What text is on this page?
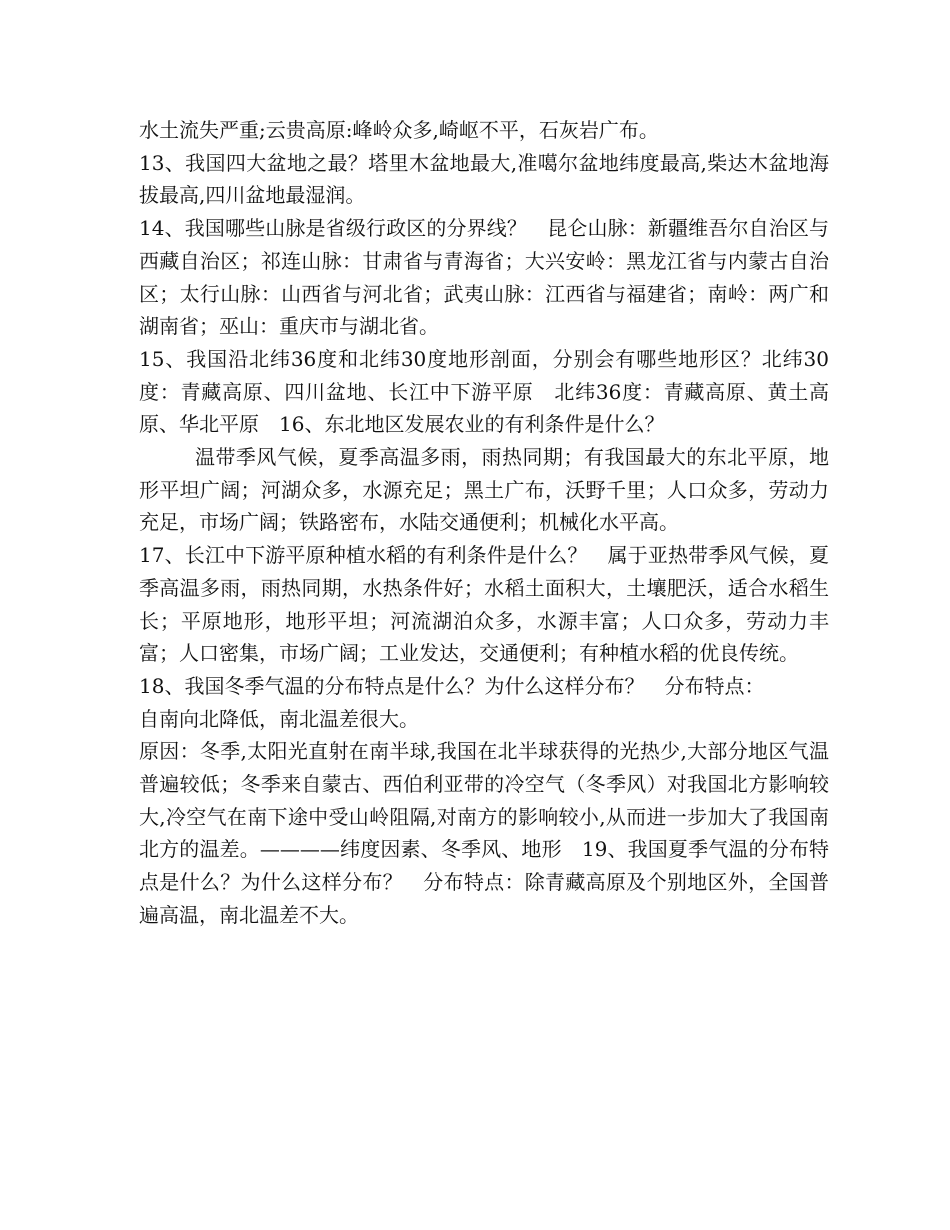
水土流失严重;云贵高原:峰岭众多,崎岖不平，石灰岩广布。

13、我国四大盆地之最？塔里木盆地最大,准噶尔盆地纬度最高,柴达木盆地海拔最高,四川盆地最湿润。

14、我国哪些山脉是省级行政区的分界线？　昆仑山脉：新疆维吾尔自治区与西藏自治区；祁连山脉：甘肃省与青海省；大兴安岭：黑龙江省与内蒙古自治区；太行山脉：山西省与河北省；武夷山脉：江西省与福建省；南岭：两广和湖南省；巫山：重庆市与湖北省。

15、我国沿北纬36度和北纬30度地形剖面，分别会有哪些地形区？北纬30度：青藏高原、四川盆地、长江中下游平原　北纬36度：青藏高原、黄土高原、华北平原　16、东北地区发展农业的有利条件是什么？

温带季风气候，夏季高温多雨，雨热同期；有我国最大的东北平原，地形平坦广阔；河湖众多，水源充足；黑土广布，沃野千里；人口众多，劳动力充足，市场广阔；铁路密布，水陆交通便利；机械化水平高。

17、长江中下游平原种植水稻的有利条件是什么？　属于亚热带季风气候，夏季高温多雨，雨热同期，水热条件好；水稻土面积大，土壤肥沃，适合水稻生长；平原地形，地形平坦；河流湖泊众多，水源丰富；人口众多，劳动力丰富；人口密集，市场广阔；工业发达，交通便利；有种植水稻的优良传统。

18、我国冬季气温的分布特点是什么？为什么这样分布？　分布特点：

自南向北降低，南北温差很大。

原因：冬季,太阳光直射在南半球,我国在北半球获得的光热少,大部分地区气温普遍较低；冬季来自蒙古、西伯利亚带的冷空气（冬季风）对我国北方影响较大,冷空气在南下途中受山岭阻隔,对南方的影响较小,从而进一步加大了我国南北方的温差。————纬度因素、冬季风、地形　19、我国夏季气温的分布特点是什么？为什么这样分布？　分布特点：除青藏高原及个别地区外，全国普遍高温，南北温差不大。
